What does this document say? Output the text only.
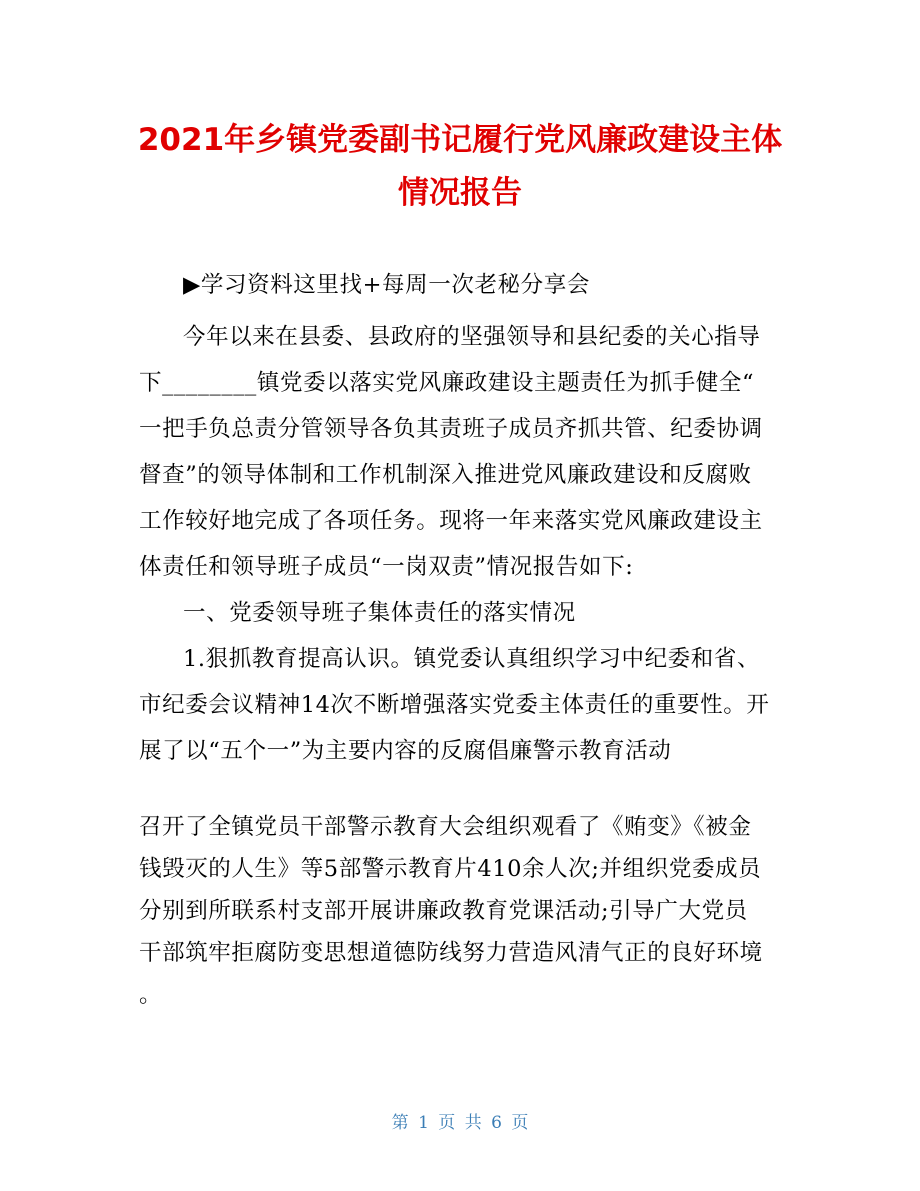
2021年乡镇党委副书记履行党风廉政建设主体
情况报告
▶学习资料这里找+每周一次老秘分享会
今年以来在县委、县政府的坚强领导和县纪委的关心指导
下________镇党委以落实党风廉政建设主题责任为抓手健全“
一把手负总责分管领导各负其责班子成员齐抓共管、纪委协调
督查”的领导体制和工作机制深入推进党风廉政建设和反腐败
工作较好地完成了各项任务。现将一年来落实党风廉政建设主
体责任和领导班子成员“一岗双责”情况报告如下:
一、党委领导班子集体责任的落实情况
1.狠抓教育提高认识。镇党委认真组织学习中纪委和省、
市纪委会议精神14次不断增强落实党委主体责任的重要性。开
展了以“五个一”为主要内容的反腐倡廉警示教育活动
召开了全镇党员干部警示教育大会组织观看了《贿变》《被金
钱毁灭的人生》等5部警示教育片410余人次;并组织党委成员
分别到所联系村支部开展讲廉政教育党课活动;引导广大党员
干部筑牢拒腐防变思想道德防线努力营造风清气正的良好环境
。
第 1 页 共 6 页
